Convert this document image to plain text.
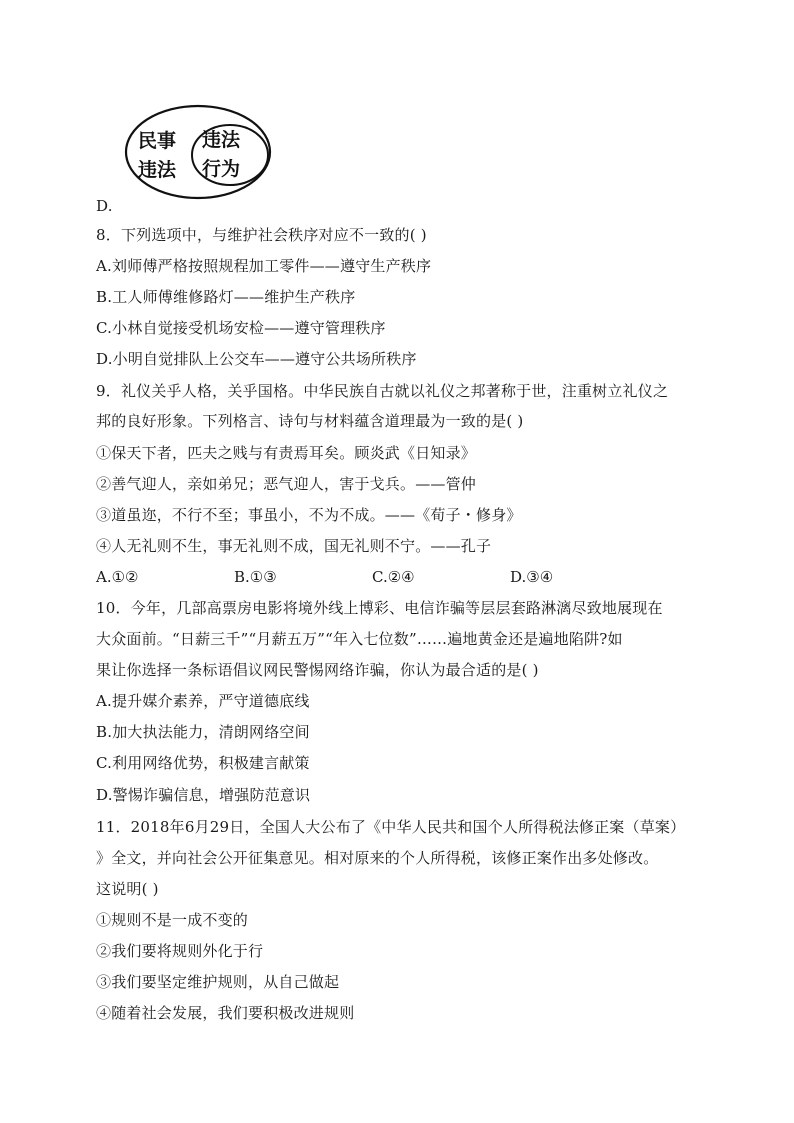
民事
违法
违法
行为
D.
8．下列选项中，与维护社会秩序对应不一致的( )
A.刘师傅严格按照规程加工零件——遵守生产秩序
B.工人师傅维修路灯——维护生产秩序
C.小林自觉接受机场安检——遵守管理秩序
D.小明自觉排队上公交车——遵守公共场所秩序
9．礼仪关乎人格，关乎国格。中华民族自古就以礼仪之邦著称于世，注重树立礼仪之
邦的良好形象。下列格言、诗句与材料蕴含道理最为一致的是( )
①保天下者，匹夫之贱与有责焉耳矣。顾炎武《日知录》
②善气迎人，亲如弟兄；恶气迎人，害于戈兵。——管仲
③道虽迩，不行不至；事虽小，不为不成。——《荀子・修身》
④人无礼则不生，事无礼则不成，国无礼则不宁。——孔子
A.①②	B.①③	C.②④	D.③④
10．今年，几部高票房电影将境外线上博彩、电信诈骗等层层套路淋漓尽致地展现在
大众面前。“日薪三千”“月薪五万”“年入七位数”……遍地黄金还是遍地陷阱?如
果让你选择一条标语倡议网民警惕网络诈骗，你认为最合适的是( )
A.提升媒介素养，严守道德底线
B.加大执法能力，清朗网络空间
C.利用网络优势，积极建言献策
D.警惕诈骗信息，增强防范意识
11．2018年6月29日，全国人大公布了《中华人民共和国个人所得税法修正案（草案）
》全文，并向社会公开征集意见。相对原来的个人所得税，该修正案作出多处修改。
这说明( )
①规则不是一成不变的
②我们要将规则外化于行
③我们要坚定维护规则，从自己做起
④随着社会发展，我们要积极改进规则
